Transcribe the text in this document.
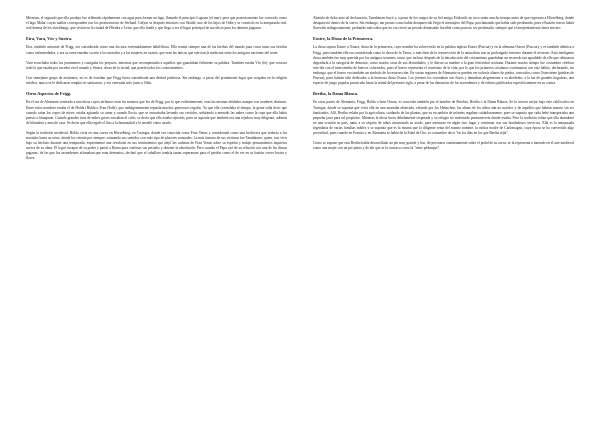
Mientras, el segundo que ella produjo fue rellenado rápidamente con agua para formar un lago, llamado el principio Logrum (el mar), pero que posteriormente fue conocido como el lago Mälar, cuyas mallas corresponden con los promontorios de Seeland. Gefjon se después entonces con Skiold, uno de los hijos de Odín y se convirtió en la antepasada real, real danesa de los skioldungs, que vivían en la ciudad de Hleidra o Letra, que ella fundó y que llego a ser el lugar principal de sacrificio para los daneses paganos.

Eira, Vara, Vör y Snotra.

Eira, también asistente de Frigg, era considerada como una doctora extremadamente hábil/diosa. Ella reunía siempre una de las hierbas del mundo para curar tanto sus heridas como enfermedades, y era su tarea enseñar su arte a los mortales y a las mujeres en cuanto, que eran las únicas que ejercían la medicina entre los antiguos naciones del norte.

Vara escuchaba todos los juramentos y castigaba los perjuros, mientras que recompensaba a aquellos que guardaban fielmente su palabra. También estaba Vör (fe), que conocía todo lo que estaba por suceder en el mundo y Snotra, diosa de la virtud, que poseía todos los conocimientos.

Con semejante grupo de asistentes, no es de extrañar que Frigg fuera considerada una deidad poderosa. Sin embargo, a pesar del prominente lugar que ocupaba en la religión nórdica, nunca se le dedicaron templos ni santuarios, y era venerada solo junto a Odín.

Otros Aspectos de Frigg.

En el sur de Alemania venerada a una diosa cuyos atributos eran los mismos que los de Frigg, por lo que evidentemente, eran las mismas deidades aunque con nombres distintos. Entre estos nombres estaba el de Holda (Hulda o Frau Holle), que indulgentemente repartía muchos generosos regalos. Ya que ella controlaba el tiempo, la gente solía decir que cuando caían los copos de nieve, estaba agitando su cama y cuando llovía, que se encontraba lavando sus vestidos, señalando a menudo las nubes como la ropa que ella había puesto a blanquear. Cuando grandes tiras de nubes grises surcaban el cielo, se decía que ella estaba tejiendo, pues se suponía que también era una tejedora muy diligente, además de hilandera y ama de casa. Se decía que ella regaló el lino a la humanidad y le enseñó cómo usarlo.

Según la tradición medieval, Holda vivía en una cueva en Hörselberg, en Turingia, donde era conocida como Frau Venus y considerada como una hechicera que seducía a los mortales hasta su reino, donde los retenía por siempre; saturando sus sentidos con todo tipo de placeres sensuales. La más famosa de sus víctimas fue Tannhäuser, quien, tras vivir bajo su hechizo durante una temporada, experimentó una revulsión en sus sentimientos que alejó las cadenas de Frau Venus sobre su espíritu y indujo pensamientos inquietos acerca de su alma. El logró escapar de su poder y partió a Roma para confesar sus pecados y obtener la absolución. Pero cuando el Papa oyó de su relación con una de las diosas paganas, de las que los ascendentes afirmaban que eran demonios, declaró que el caballero tendría tantas esperanzas para el perdón como el de ver en su bastón crecer brotes y flores.

Abatido de dolor ante tal declaración, Tannhäuser huyó y, a pesar de los ruegos de su fiel amigo Eckhardt, no tuvo sentir mucho tiempo antes de que regresara a Hörselberg, donde desapareció dentro de la cueva. Sin embargo, tan pronto como había desaparecido Ilegó el mensajero del Papa, proclamando que había sido perdonado, pues el bastón reseco había florecido milagrosamente, probando más todos que no era cierto un pecado demasiado horrible como para no ser perdonado, siempre que el arrepentimiento fuera sincero.

Eostre, la Diosa de la Primavera.

La diosa sajona Eastre u Ostara, diosa de la primavera, cuyo nombre ha sobrevivido en la palabra inglesa Easter (Pascua) y en la alemana Ostern (Pascua), y es también idéntica a Frigg, pues también ella era considerada como la diosa de la Tierra, o más bien de la resurrección de la naturaleza tras su prolongado invierno durante el invierno. Esta inteligente diosa también fue muy querida por los antiguos teutones, tanto, que incluso después de la introducción del cristianismo guardaban un recuerdo tan agradable de ella que rehusaron degradarla a la categoría de demonio, como mucho otras de sus divinidades, y le dieron su nombre a la gran festividad cristiana. Durante mucho tiempo fue costumbre celebrar este día con el intercambio de huevos coloreados, pues el huevo representa el comienzo de la vida, por lo que los primeros cristianos continuaron con este hábito, declarando, sin embargo, que el huevo era también un símbolo de la resurrección. En varias regiones de Alemania se pueden ver todavía altares de piedra, conocidos como Ostersteine (piedras de Pascua), pues habían sido dedicados a la hermosa diosa Ostara. Los jóvenes los coronaban con flores y danzaban alegremente a su alrededor, a la luz de grandes hogueras, una especie de juego popular practicado hasta la mitad del presente siglo, a pesar de las denuncias de los ascendentes y de edictos publicados específicamente en su contra.

Bertha, la Dama Blanca.

En otras partes de Alemania, Frigg, Holda o bien Ostara, es conocida también por el nombre de Brechta, Bertha o la Dama Blanca. Se la conoce mejor bajo este calificativo en Turingia, donde se suponía que vivía ella en una montaña ahuecada, velando por los Heimchen, las almas de los niños aún no nacidos y de aquellos que habían muerto sin ser bautizados. Allí, Bertha velaba por la agricultura, cuidando de las plantas, que su escuadrón de infantes regaban cuidadosamente, pues se suponía que cada bebé transportaba una pequeña jarra para tal propósito. Mientras la diosa fuera debidamente respetada y su refugio no molestado permanecería donde estaba. Pero la tradición relata que ella abandonó en una ocasión su país, junto a su séquito de niños arrastrando su arado, para asentarse en algún otro lugar y continuar con sus bondadosos servicios. Ella es la antepasada legendaria de varias familias nobles y se suponía que es la misma que la diligente reina del mismo nombre, la mítica madre de Carlomagno, cuya época se ha convertido algo proverbial, pues cuando en Francia y en Alemania se habla de la Edad de Oro, es costumbre decir "en los días en los que Bertha tejía".

Como se supone que esta Bertha había desarrollado un pie muy grande y liso, de presionar continuamente sobre el pedal de su rueca, se la representa a menudo en el arte medieval como una mujer con un pie plano y de ahí que se la conozca como la "reine pédauque".
